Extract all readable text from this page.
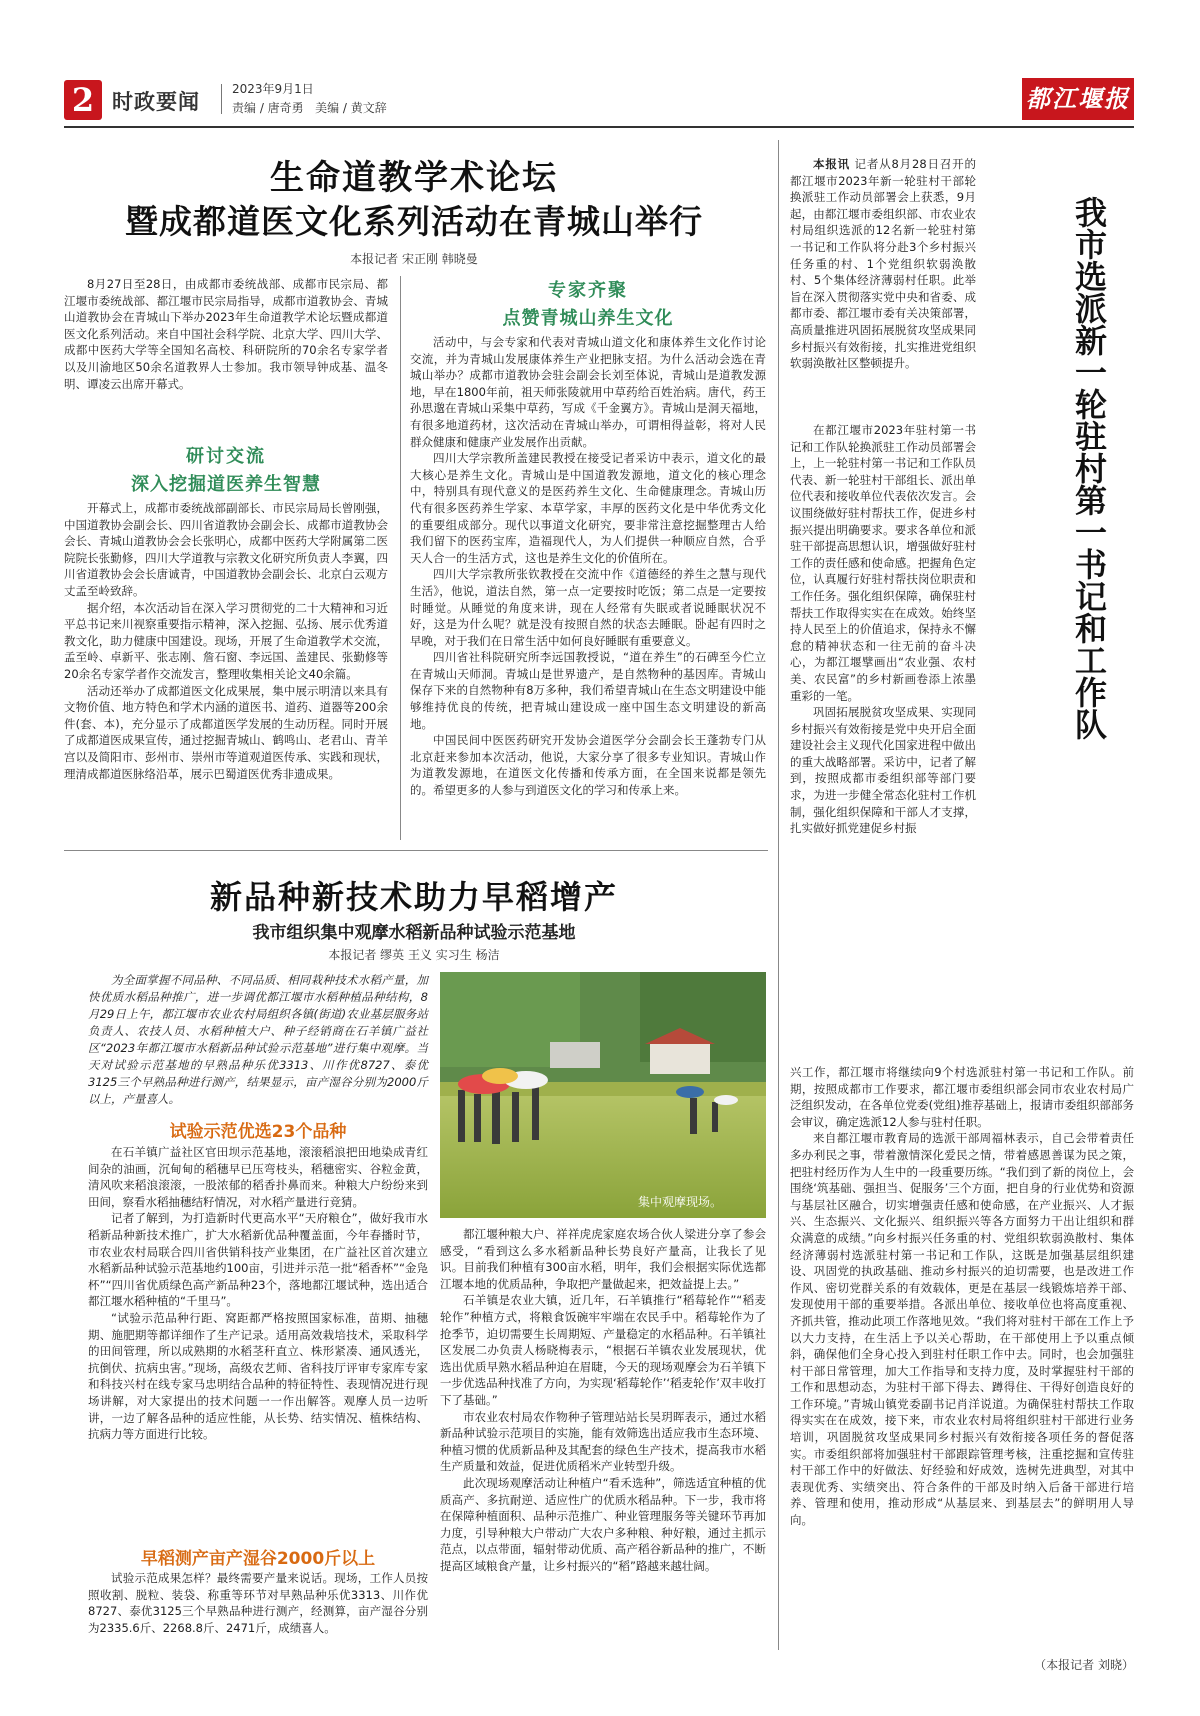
2 时政要闻
2023年9月1日
责编 / 唐奇勇   美编 / 黄文辞	都江堰报
生命道教学术论坛
暨成都道医文化系列活动在青城山举行
本报记者 宋正刚 韩晓曼

8月27日至28日，由成都市委统战部、成都市民宗局、都江堰市委统战部、都江堰市民宗局指导，成都市道教协会、青城山道教协会在青城山下举办2023年生命道教学术论坛暨成都道医文化系列活动。来自中国社会科学院、北京大学、四川大学、成都中医药大学等全国知名高校、科研院所的70余名专家学者以及川渝地区50余名道教界人士参加。我市领导钟成基、温冬明、谭凌云出席开幕式。

研讨交流
深入挖掘道医养生智慧

开幕式上，成都市委统战部副部长、市民宗局局长曾刚强，中国道教协会副会长、四川省道教协会副会长、成都市道教协会会长、青城山道教协会会长张明心，成都中医药大学附属第二医院院长张勤修，四川大学道教与宗教文化研究所负责人李翼，四川省道教协会会长唐诚青，中国道教协会副会长、北京白云观方丈孟至岭致辞。

据介绍，本次活动旨在深入学习贯彻党的二十大精神和习近平总书记来川视察重要指示精神，深入挖掘、弘扬、展示优秀道教文化，助力健康中国建设。现场，开展了生命道教学术交流，孟至岭、卓新平、张志刚、詹石窗、李远国、盖建民、张勤修等20余名专家学者作交流发言，整理收集相关论文40余篇。

活动还举办了成都道医文化成果展，集中展示明清以来具有文物价值、地方特色和学术内涵的道医书、道药、道器等200余件(套、本)，充分显示了成都道医学发展的生动历程。同时开展了成都道医成果宣传，通过挖掘青城山、鹤鸣山、老君山、青羊宫以及简阳市、彭州市、崇州市等道观道医传承、实践和现状，理清成都道医脉络沿革，展示巴蜀道医优秀非遗成果。

专家齐聚
点赞青城山养生文化

活动中，与会专家和代表对青城山道文化和康体养生文化作讨论交流，并为青城山发展康体养生产业把脉支招。为什么活动会选在青城山举办？成都市道教协会驻会副会长刘至体说，青城山是道教发源地，早在1800年前，祖天师张陵就用中草药给百姓治病。唐代，药王孙思邈在青城山采集中草药，写成《千金翼方》。青城山是洞天福地，有很多地道药材，这次活动在青城山举办，可谓相得益彰，将对人民群众健康和健康产业发展作出贡献。

四川大学宗教所盖建民教授在接受记者采访中表示，道文化的最大核心是养生文化。青城山是中国道教发源地，道文化的核心理念中，特别具有现代意义的是医药养生文化、生命健康理念。青城山历代有很多医药养生学家、本草学家，丰厚的医药文化是中华优秀文化的重要组成部分。现代以事道文化研究，要非常注意挖掘整理古人给我们留下的医药宝库，造福现代人，为人们提供一种顺应自然，合乎天人合一的生活方式，这也是养生文化的价值所在。

四川大学宗教所张钦教授在交流中作《道德经的养生之慧与现代生活》，他说，道法自然，第一点一定要按时吃饭；第二点是一定要按时睡觉。从睡觉的角度来讲，现在人经常有失眠或者说睡眠状况不好，这是为什么呢？就是没有按照自然的状态去睡眠。卧起有四时之早晚，对于我们在日常生活中如何良好睡眠有重要意义。

四川省社科院研究所李远国教授说，“道在养生”的石碑至今伫立在青城山天师洞。青城山是世界遗产，是自然物种的基因库。青城山保存下来的自然物种有8万多种，我们希望青城山在生态文明建设中能够维持优良的传统，把青城山建设成一座中国生态文明建设的新高地。

中国民间中医医药研究开发协会道医学分会副会长王蓬勃专门从北京赶来参加本次活动，他说，大家分享了很多专业知识。青城山作为道教发源地，在道医文化传播和传承方面，在全国来说都是领先的。希望更多的人参与到道医文化的学习和传承上来。

新品种新技术助力早稻增产
我市组织集中观摩水稻新品种试验示范基地
本报记者 缪英 王义 实习生 杨洁

为全面掌握不同品种、不同品质、相同栽种技术水稻产量，加快优质水稻品种推广，进一步调优都江堰市水稻种植品种结构，8月29日上午，都江堰市农业农村局组织各镇(街道)农业基层服务站负责人、农技人员、水稻种植大户、种子经销商在石羊镇广益社区“2023年都江堰市水稻新品种试验示范基地”进行集中观摩。当天对试验示范基地的早熟品种乐优3313、川作优8727、泰优3125三个早熟品种进行测产，结果显示，亩产湿谷分别为2000斤以上，产量喜人。

试验示范优选23个品种

在石羊镇广益社区官田坝示范基地，滚滚稻浪把田地染成青红间杂的油画，沉甸甸的稻穗早已压弯枝头，稻穗密实、谷粒金黄，清风吹来稻浪滚滚，一股浓郁的稻香扑鼻而来。种粮大户纷纷来到田间，察看水稻抽穗结籽情况，对水稻产量进行竞猜。

记者了解到，为打造新时代更高水平“天府粮仓”，做好我市水稻新品种新技术推广，扩大水稻新优品种覆盖面，今年春播时节，市农业农村局联合四川省供销科技产业集团，在广益社区首次建立水稻新品种试验示范基地约100亩，引进并示范一批“稻香杯”“金凫杯”“四川省优质绿色高产新品种23个，落地都江堰试种，选出适合都江堰水稻种植的“千里马”。

“试验示范品种行距、窝距都严格按照国家标准，苗期、抽穗期、施肥期等都详细作了生产记录。适用高效栽培技术，采取科学的田间管理，所以成熟期的水稻茎秆直立、株形紧凑、通风透光，抗倒伏、抗病虫害。”现场，高级农艺师、省科技厅评审专家库专家和科技兴村在线专家马忠明结合品种的特征特性、表现情况进行现场讲解，对大家提出的技术问题一一作出解答。观摩人员一边听讲，一边了解各品种的适应性能，从长势、结实情况、植株结构、抗病力等方面进行比较。

早稻测产亩产湿谷2000斤以上

试验示范成果怎样？最终需要产量来说话。现场，工作人员按照收割、脱粒、装袋、称重等环节对早熟品种乐优3313、川作优8727、泰优3125三个早熟品种进行测产，经测算，亩产湿谷分别为2335.6斤、2268.8斤、2471斤，成绩喜人。

集中观摩现场。

都江堰种粮大户、祥祥虎虎家庭农场合伙人梁进分享了参会感受，“看到这么多水稻新品种长势良好产量高，让我长了见识。目前我们种植有300亩水稻，明年，我们会根据实际优选都江堰本地的优质品种，争取把产量做起来，把效益提上去。”

石羊镇是农业大镇，近几年，石羊镇推行“稻莓轮作”“稻麦轮作”种植方式，将粮食饭碗牢牢端在农民手中。稻莓轮作为了抢季节，迫切需要生长周期短、产量稳定的水稻品种。石羊镇社区发展二办负责人杨晓梅表示，“根据石羊镇农业发展现状，优选出优质早熟水稻品种迫在眉睫，今天的现场观摩会为石羊镇下一步优选品种找准了方向，为实现‘稻莓轮作’‘稻麦轮作’双丰收打下了基础。”

市农业农村局农作物种子管理站站长吴玥晖表示，通过水稻新品种试验示范项目的实施，能有效筛选出适应我市生态环境、种植习惯的优质新品种及其配套的绿色生产技术，提高我市水稻生产质量和效益，促进优质稻米产业转型升级。

此次现场观摩活动让种植户“看禾选种”，筛选适宜种植的优质高产、多抗耐逆、适应性广的优质水稻品种。下一步，我市将在保障种植面积、品种示范推广、种业管理服务等关键环节再加力度，引导种粮大户带动广大农户多种粮、种好粮，通过主抓示范点，以点带面，辐射带动优质、高产稻谷新品种的推广，不断提高区域粮食产量，让乡村振兴的“稻”路越来越壮阔。

我市选派新一轮驻村第一书记和工作队

本报讯 记者从8月28日召开的都江堰市2023年新一轮驻村干部轮换派驻工作动员部署会上获悉，9月起，由都江堰市委组织部、市农业农村局组织选派的12名新一轮驻村第一书记和工作队将分赴3个乡村振兴任务重的村、1个党组织软弱涣散村、5个集体经济薄弱村任职。此举旨在深入贯彻落实党中央和省委、成都市委、都江堰市委有关决策部署，高质量推进巩固拓展脱贫攻坚成果同乡村振兴有效衔接，扎实推进党组织软弱涣散社区整顿提升。

在都江堰市2023年驻村第一书记和工作队轮换派驻工作动员部署会上，上一轮驻村第一书记和工作队员代表、新一轮驻村干部组长、派出单位代表和接收单位代表依次发言。会议围绕做好驻村帮扶工作，促进乡村振兴提出明确要求。要求各单位和派驻干部提高思想认识，增强做好驻村工作的责任感和使命感。把握角色定位，认真履行好驻村帮扶岗位职责和工作任务。强化组织保障，确保驻村帮扶工作取得实实在在成效。始终坚持人民至上的价值追求，保持永不懈怠的精神状态和一往无前的奋斗决心，为都江堰擘画出“农业强、农村美、农民富”的乡村新画卷添上浓墨重彩的一笔。

巩固拓展脱贫攻坚成果、实现同乡村振兴有效衔接是党中央开启全面建设社会主义现代化国家进程中做出的重大战略部署。采访中，记者了解到，按照成都市委组织部等部门要求，为进一步健全常态化驻村工作机制，强化组织保障和干部人才支撑，扎实做好抓党建促乡村振

兴工作，都江堰市将继续向9个村选派驻村第一书记和工作队。前期，按照成都市工作要求，都江堰市委组织部会同市农业农村局广泛组织发动，在各单位党委(党组)推荐基础上，报请市委组织部部务会审议，确定选派12人参与驻村任职。

来自都江堰市教育局的选派干部周福林表示，自己会带着责任多办利民之事，带着激情深化爱民之情，带着感恩善谋为民之策，把驻村经历作为人生中的一段重要历练。“我们到了新的岗位上，会围绕‘筑基础、强担当、促服务’三个方面，把自身的行业优势和资源与基层社区融合，切实增强责任感和使命感，在产业振兴、人才振兴、生态振兴、文化振兴、组织振兴等各方面努力干出让组织和群众满意的成绩。”向乡村振兴任务重的村、党组织软弱涣散村、集体经济薄弱村选派驻村第一书记和工作队，这既是加强基层组织建设、巩固党的执政基础、推动乡村振兴的迫切需要，也是改进工作作风、密切党群关系的有效载体，更是在基层一线锻炼培养干部、发现使用干部的重要举措。各派出单位、接收单位也将高度重视、齐抓共管，推动此项工作落地见效。“我们将对驻村干部在工作上予以大力支持，在生活上予以关心帮助，在干部使用上予以重点倾斜，确保他们全身心投入到驻村任职工作中去。同时，也会加强驻村干部日常管理，加大工作指导和支持力度，及时掌握驻村干部的工作和思想动态，为驻村干部下得去、蹲得住、干得好创造良好的工作环境。”青城山镇党委副书记肖洋说道。为确保驻村帮扶工作取得实实在在成效，接下来，市农业农村局将组织驻村干部进行业务培训，巩固脱贫攻坚成果同乡村振兴有效衔接各项任务的督促落实。市委组织部将加强驻村干部跟踪管理考核，注重挖掘和宣传驻村干部工作中的好做法、好经验和好成效，选树先进典型，对其中表现优秀、实绩突出、符合条件的干部及时纳入后备干部进行培养、管理和使用，推动形成“从基层来、到基层去”的鲜明用人导向。

（本报记者 刘晓）
